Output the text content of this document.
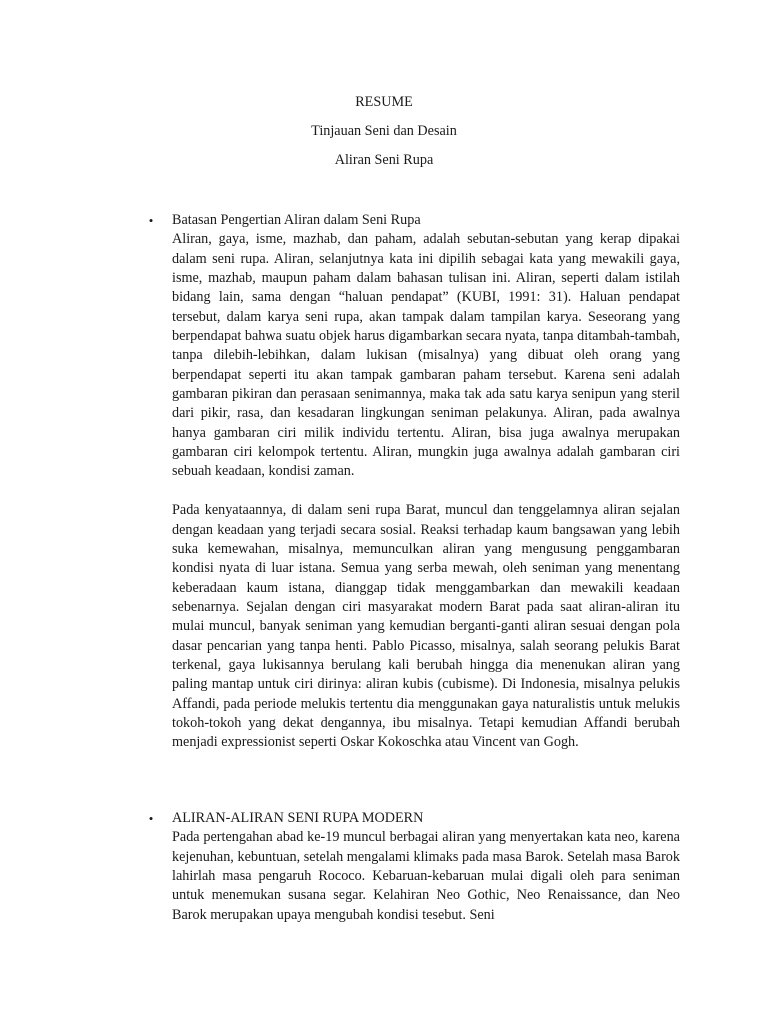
RESUME
Tinjauan Seni dan Desain
Aliran Seni Rupa
• Batasan Pengertian Aliran dalam Seni Rupa

Aliran, gaya, isme, mazhab, dan paham, adalah sebutan-sebutan yang kerap dipakai dalam seni rupa. Aliran, selanjutnya kata ini dipilih sebagai kata yang mewakili gaya, isme, mazhab, maupun paham dalam bahasan tulisan ini. Aliran, seperti dalam istilah bidang lain, sama dengan “haluan pendapat” (KUBI, 1991: 31). Haluan pendapat tersebut, dalam karya seni rupa, akan tampak dalam tampilan karya. Seseorang yang berpendapat bahwa suatu objek harus digambarkan secara nyata, tanpa ditambah-tambah, tanpa dilebih-lebihkan, dalam lukisan (misalnya) yang dibuat oleh orang yang berpendapat seperti itu akan tampak gambaran paham tersebut. Karena seni adalah gambaran pikiran dan perasaan senimannya, maka tak ada satu karya senipun yang steril dari pikir, rasa, dan kesadaran lingkungan seniman pelakunya. Aliran, pada awalnya hanya gambaran ciri milik individu tertentu. Aliran, bisa juga awalnya merupakan gambaran ciri kelompok tertentu. Aliran, mungkin juga awalnya adalah gambaran ciri sebuah keadaan, kondisi zaman.

Pada kenyataannya, di dalam seni rupa Barat, muncul dan tenggelamnya aliran sejalan dengan keadaan yang terjadi secara sosial. Reaksi terhadap kaum bangsawan yang lebih suka kemewahan, misalnya, memunculkan aliran yang mengusung penggambaran kondisi nyata di luar istana. Semua yang serba mewah, oleh seniman yang menentang keberadaan kaum istana, dianggap tidak menggambarkan dan mewakili keadaan sebenarnya. Sejalan dengan ciri masyarakat modern Barat pada saat aliran-aliran itu mulai muncul, banyak seniman yang kemudian berganti-ganti aliran sesuai dengan pola dasar pencarian yang tanpa henti. Pablo Picasso, misalnya, salah seorang pelukis Barat terkenal, gaya lukisannya berulang kali berubah hingga dia menenukan aliran yang paling mantap untuk ciri dirinya: aliran kubis (cubisme). Di Indonesia, misalnya pelukis Affandi, pada periode melukis tertentu dia menggunakan gaya naturalistis untuk melukis tokoh-tokoh yang dekat dengannya, ibu misalnya. Tetapi kemudian Affandi berubah menjadi expressionist seperti Oskar Kokoschka atau Vincent van Gogh.

• ALIRAN-ALIRAN SENI RUPA MODERN

Pada pertengahan abad ke-19 muncul berbagai aliran yang menyertakan kata neo, karena kejenuhan, kebuntuan, setelah mengalami klimaks pada masa Barok. Setelah masa Barok lahirlah masa pengaruh Rococo. Kebaruan-kebaruan mulai digali oleh para seniman untuk menemukan susana segar. Kelahiran Neo Gothic, Neo Renaissance, dan Neo Barok merupakan upaya mengubah kondisi tesebut. Seni
